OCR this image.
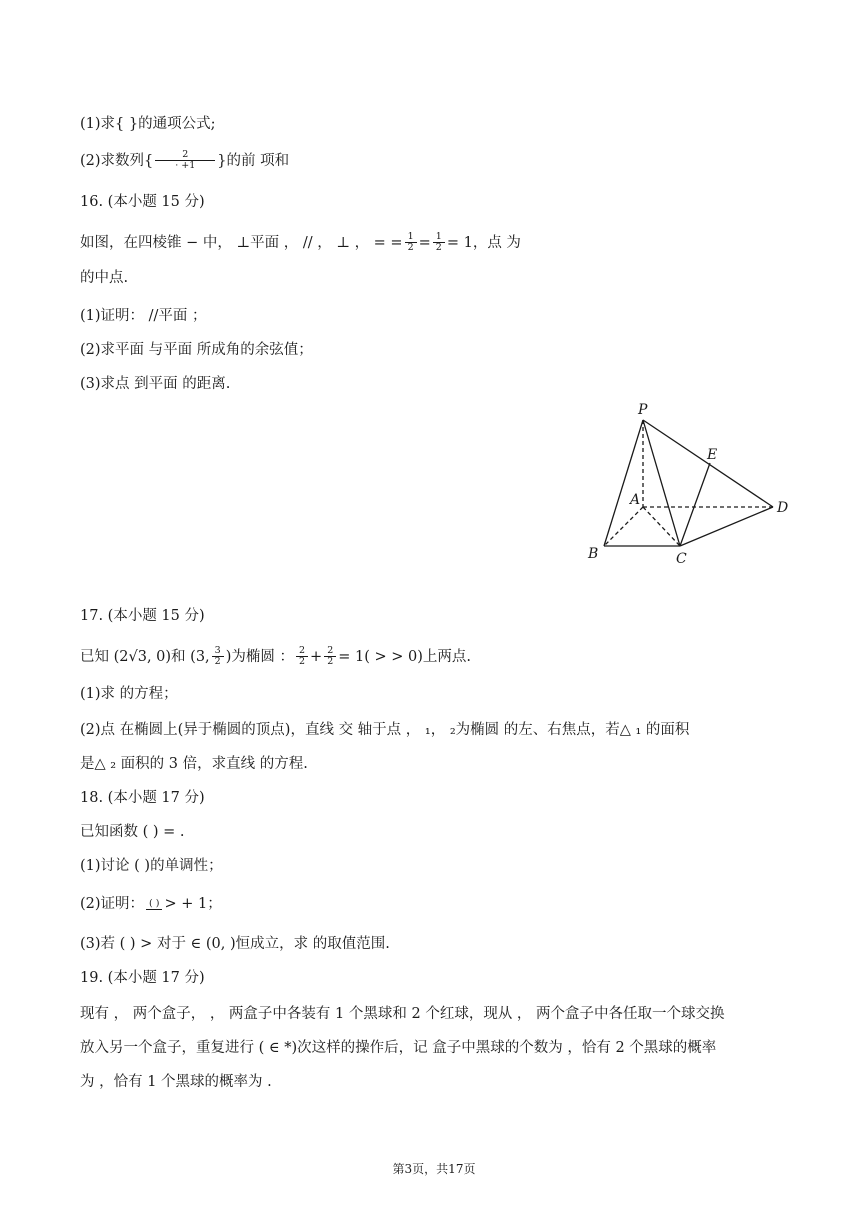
(1)求{ }的通项公式;
(2)求数列{ $\frac{2}{\cdot +1}$ }的前 项和
16. (本小题 15 分)
如图，在四棱锥 − 中， ⊥平面 ， // ， ⊥ ， = = $\frac{1}{2} = \frac{1}{2} = 1$，点 为
的中点.
(1)证明： //平面 ；
(2)求平面 与平面 所成角的余弦值；
(3)求点 到平面 的距离.
P
E
A	D
B	C
17. (本小题 15 分)
已知 (2√3, 0)和 (3, $\frac{3}{2}$ )为椭圆 ： $\frac{2}{2} + \frac{2}{2} = 1$( > > 0)上两点.
(1)求 的方程；
(2)点 在椭圆上(异于椭圆的顶点)，直线 交 轴于点 ， ₁， ₂为椭圆 的左、右焦点，若△ ₁ 的面积
是△ ₂ 面积的 3 倍，求直线 的方程.
18. (本小题 17 分)
已知函数 ( ) = .
(1)讨论 ( )的单调性；
(2)证明： ( ) > + 1；
(3)若 ( ) > 对于 ∈ (0, )恒成立，求 的取值范围.
19. (本小题 17 分)
现有 ， 两个盒子， ， 两盒子中各装有 1 个黑球和 2 个红球，现从 ， 两个盒子中各任取一个球交换
放入另一个盒子，重复进行 ( ∈ *)次这样的操作后，记 盒子中黑球的个数为 ，恰有 2 个黑球的概率
为 ，恰有 1 个黑球的概率为 .
第3页，共17页
